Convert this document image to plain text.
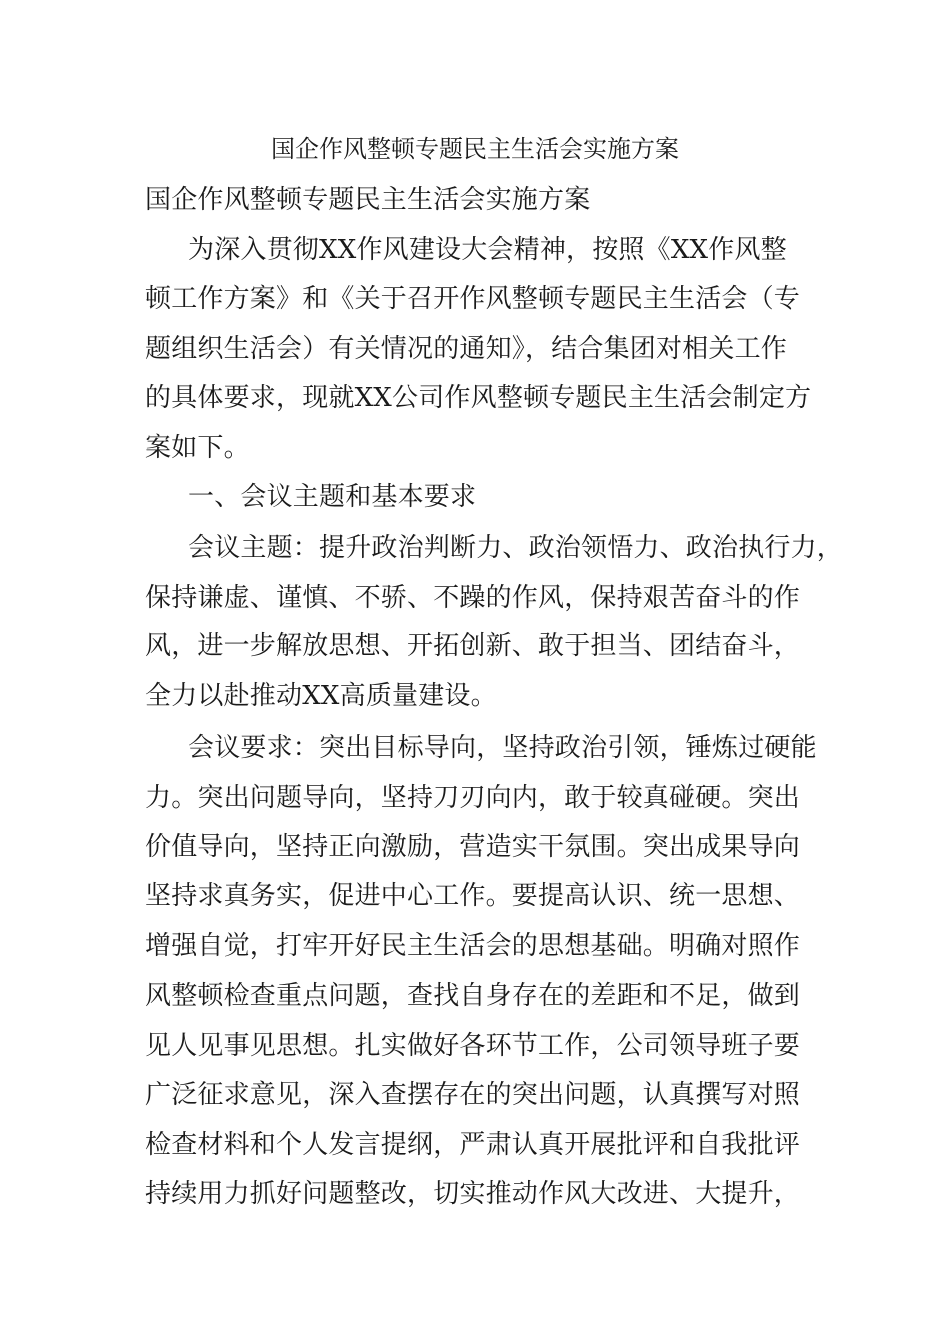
国企作风整顿专题民主生活会实施方案
国企作风整顿专题民主生活会实施方案
为深入贯彻XX作风建设大会精神，按照《XX作风整
顿工作方案》和《关于召开作风整顿专题民主生活会（专
题组织生活会）有关情况的通知》，结合集团对相关工作
的具体要求，现就XX公司作风整顿专题民主生活会制定方
案如下。
一、会议主题和基本要求
会议主题：提升政治判断力、政治领悟力、政治执行力，
保持谦虚、谨慎、不骄、不躁的作风，保持艰苦奋斗的作
风，进一步解放思想、开拓创新、敢于担当、团结奋斗，
全力以赴推动XX高质量建设。
会议要求：突出目标导向，坚持政治引领，锤炼过硬能
力。突出问题导向，坚持刀刃向内，敢于较真碰硬。突出
价值导向，坚持正向激励，营造实干氛围。突出成果导向
坚持求真务实，促进中心工作。要提高认识、统一思想、
增强自觉，打牢开好民主生活会的思想基础。明确对照作
风整顿检查重点问题，查找自身存在的差距和不足，做到
见人见事见思想。扎实做好各环节工作，公司领导班子要
广泛征求意见，深入查摆存在的突出问题，认真撰写对照
检查材料和个人发言提纲，严肃认真开展批评和自我批评
持续用力抓好问题整改，切实推动作风大改进、大提升，
